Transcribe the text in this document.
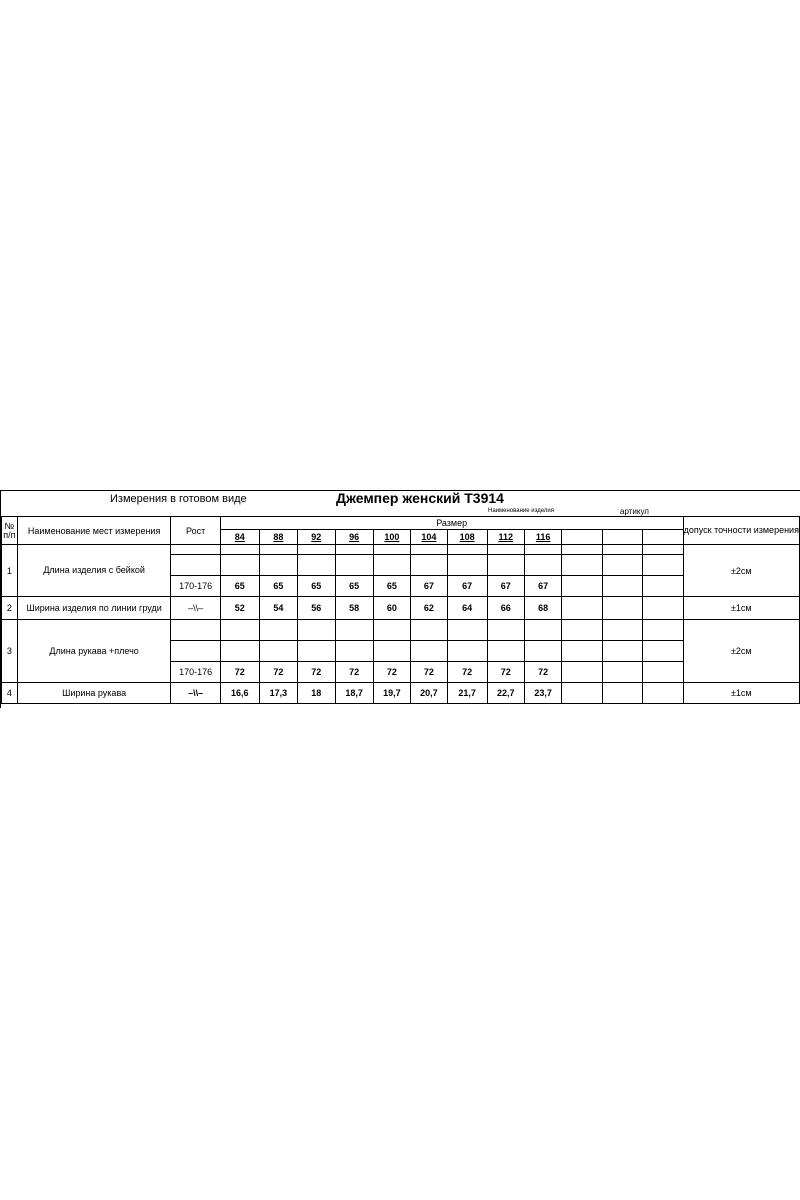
Измерения в готовом виде	Джемпер женский Т3914
Наименование изделия	артикул
№ п/п	Наименование мест измерения	Рост	Размер												допуск точности измерения
			84	88	92	96	100	104	108	112	116				
1	Длина изделия с бейкой														±2см

		170-176	65	65	65	65	65	67	67	67	67				
2	Ширина изделия по линии груди	–\\–	52	54	56	58	60	62	64	66	68				±1см
3	Длина рукава +плечо														±2см

		170-176	72	72	72	72	72	72	72	72	72				
4	Ширина рукава	–\\–	16,6	17,3	18	18,7	19,7	20,7	21,7	22,7	23,7				±1см
